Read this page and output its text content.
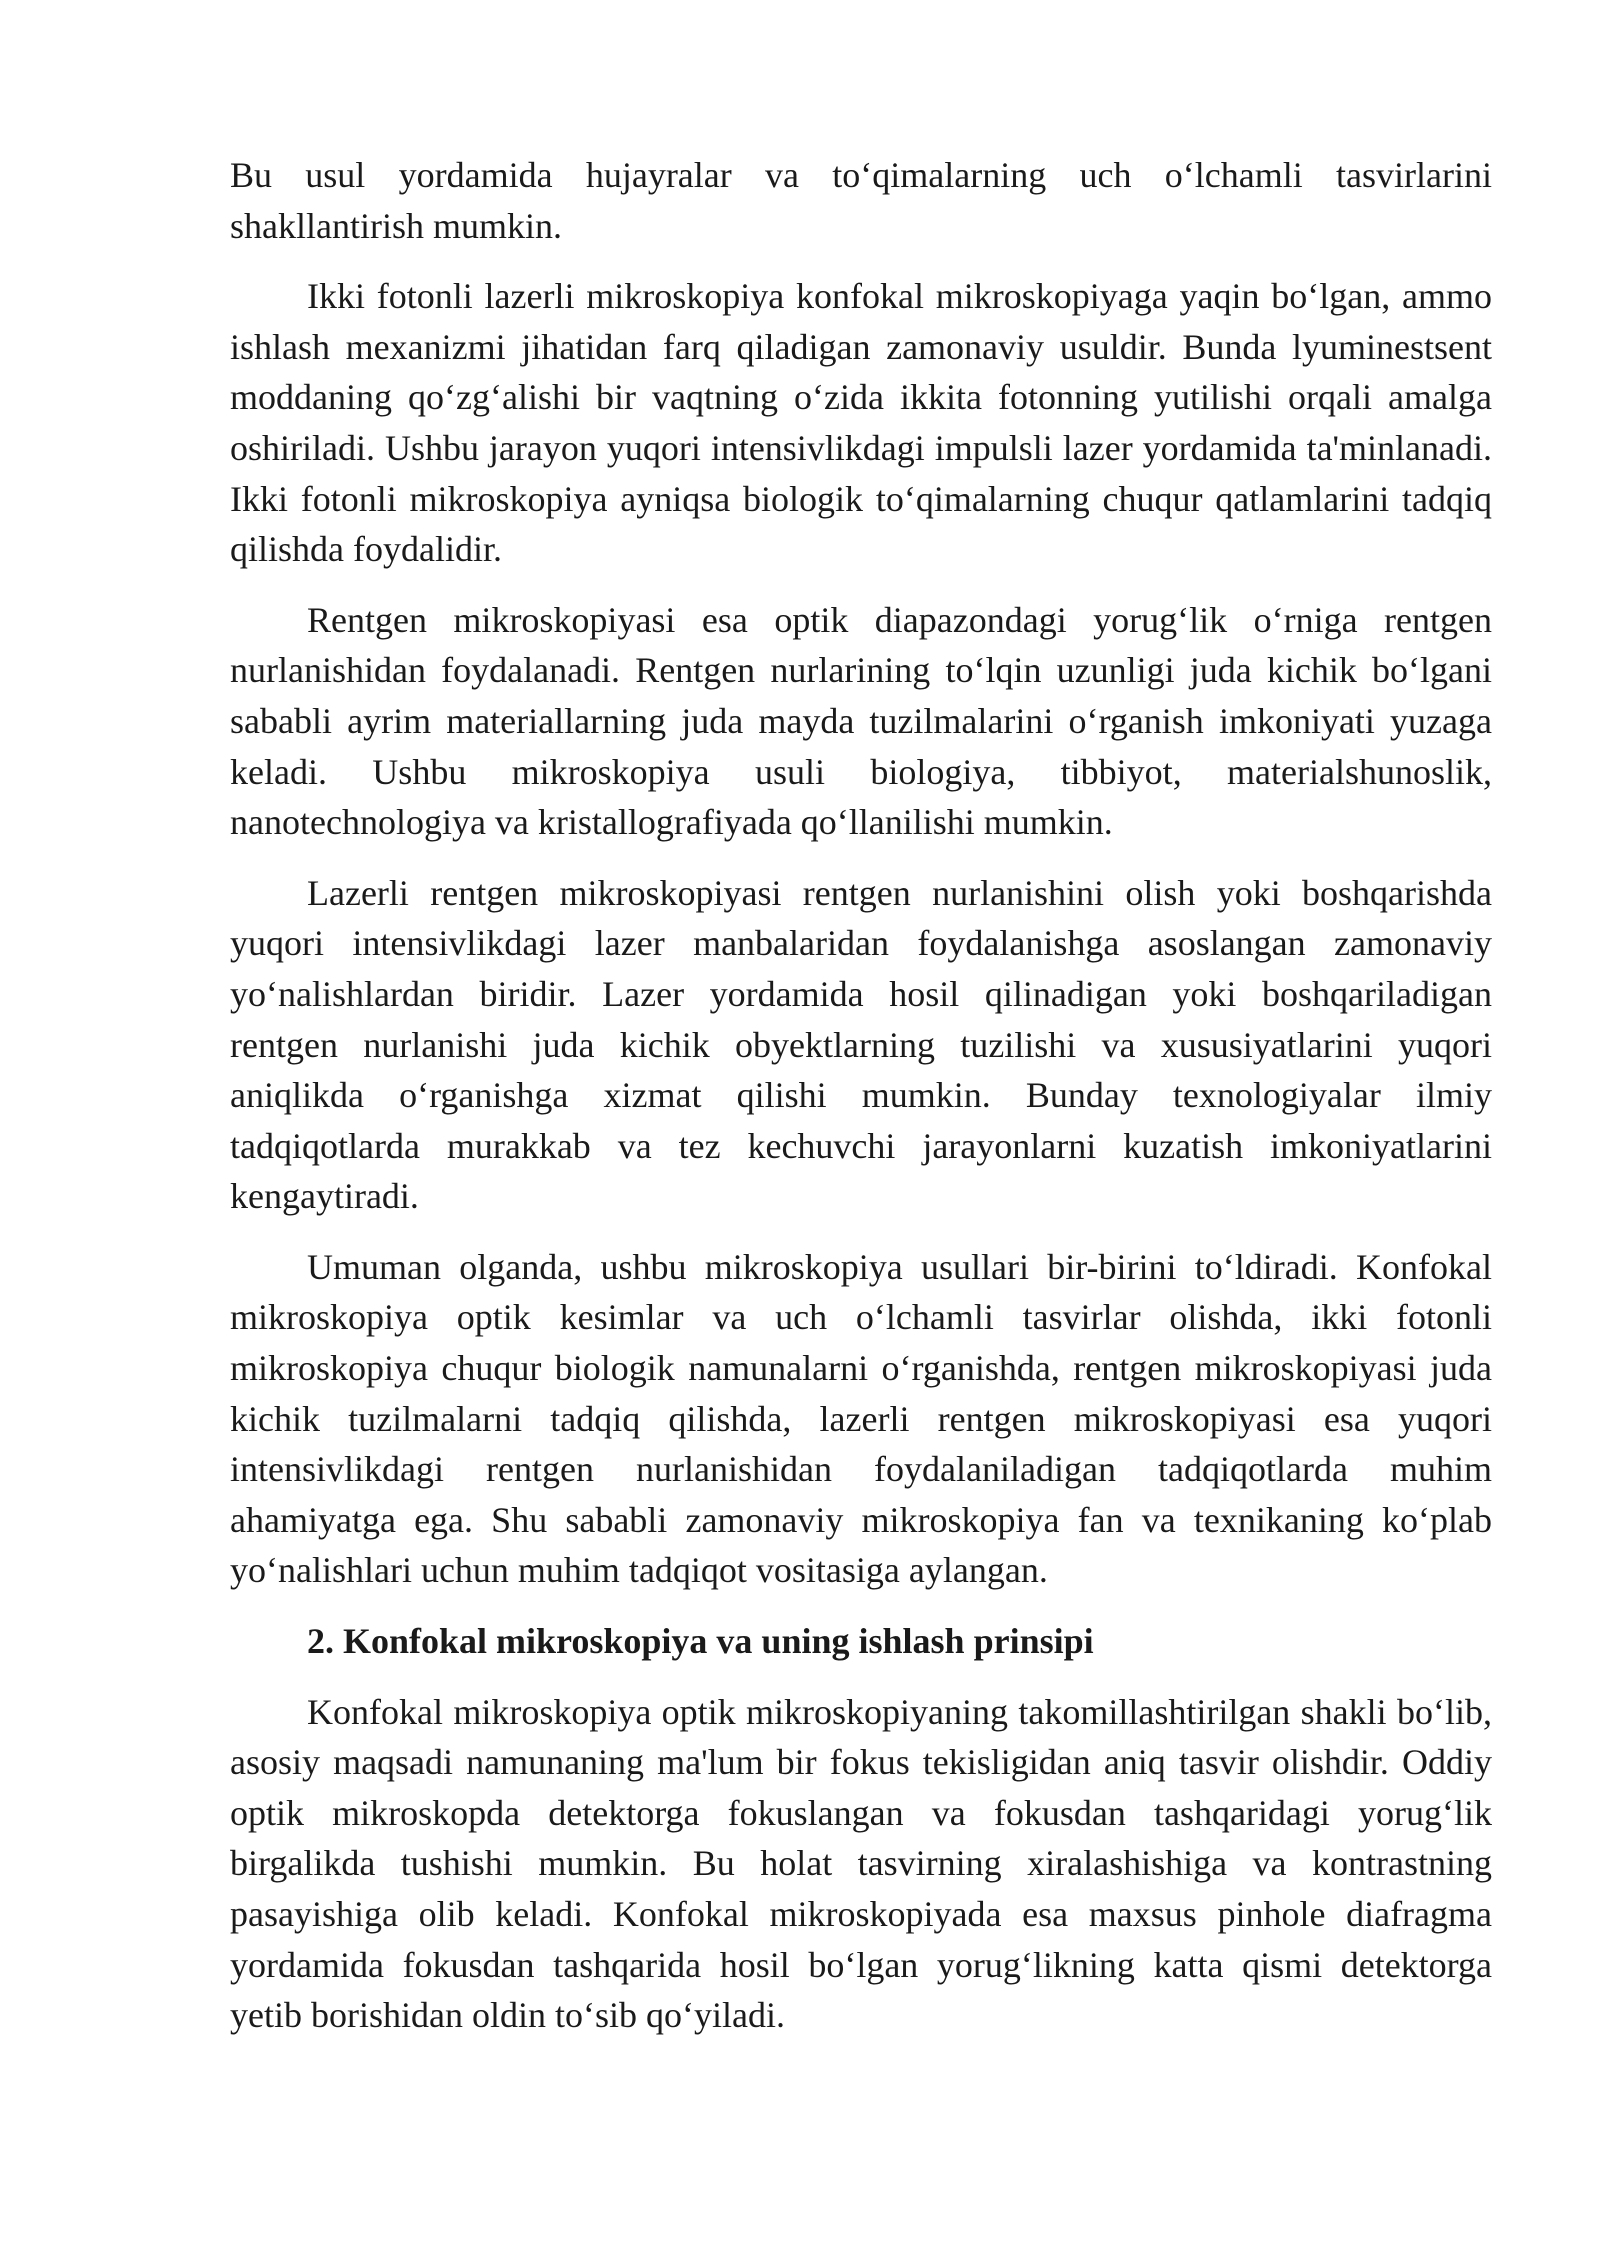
Bu usul yordamida hujayralar va to‘qimalarning uch o‘lchamli tasvirlarini shakllantirish mumkin.

Ikki fotonli lazerli mikroskopiya konfokal mikroskopiyaga yaqin bo‘lgan, ammo ishlash mexanizmi jihatidan farq qiladigan zamonaviy usuldir. Bunda lyuminestsent moddaning qo‘zg‘alishi bir vaqtning o‘zida ikkita fotonning yutilishi orqali amalga oshiriladi. Ushbu jarayon yuqori intensivlikdagi impulsli lazer yordamida ta'minlanadi. Ikki fotonli mikroskopiya ayniqsa biologik to‘qimalarning chuqur qatlamlarini tadqiq qilishda foydalidir.

Rentgen mikroskopiyasi esa optik diapazondagi yorug‘lik o‘rniga rentgen nurlanishidan foydalanadi. Rentgen nurlarining to‘lqin uzunligi juda kichik bo‘lgani sababli ayrim materiallarning juda mayda tuzilmalarini o‘rganish imkoniyati yuzaga keladi. Ushbu mikroskopiya usuli biologiya, tibbiyot, materialshunoslik, nanotechnologiya va kristallografiyada qo‘llanilishi mumkin.

Lazerli rentgen mikroskopiyasi rentgen nurlanishini olish yoki boshqarishda yuqori intensivlikdagi lazer manbalaridan foydalanishga asoslangan zamonaviy yo‘nalishlardan biridir. Lazer yordamida hosil qilinadigan yoki boshqariladigan rentgen nurlanishi juda kichik obyektlarning tuzilishi va xususiyatlarini yuqori aniqlikda o‘rganishga xizmat qilishi mumkin. Bunday texnologiyalar ilmiy tadqiqotlarda murakkab va tez kechuvchi jarayonlarni kuzatish imkoniyatlarini kengaytiradi.

Umuman olganda, ushbu mikroskopiya usullari bir-birini to‘ldiradi. Konfokal mikroskopiya optik kesimlar va uch o‘lchamli tasvirlar olishda, ikki fotonli mikroskopiya chuqur biologik namunalarni o‘rganishda, rentgen mikroskopiyasi juda kichik tuzilmalarni tadqiq qilishda, lazerli rentgen mikroskopiyasi esa yuqori intensivlikdagi rentgen nurlanishidan foydalaniladigan tadqiqotlarda muhim ahamiyatga ega. Shu sababli zamonaviy mikroskopiya fan va texnikaning ko‘plab yo‘nalishlari uchun muhim tadqiqot vositasiga aylangan.

2. Konfokal mikroskopiya va uning ishlash prinsipi

Konfokal mikroskopiya optik mikroskopiyaning takomillashtirilgan shakli bo‘lib, asosiy maqsadi namunaning ma'lum bir fokus tekisligidan aniq tasvir olishdir. Oddiy optik mikroskopda detektorga fokuslangan va fokusdan tashqaridagi yorug‘lik birgalikda tushishi mumkin. Bu holat tasvirning xiralashishiga va kontrastning pasayishiga olib keladi. Konfokal mikroskopiyada esa maxsus pinhole diafragma yordamida fokusdan tashqarida hosil bo‘lgan yorug‘likning katta qismi detektorga yetib borishidan oldin to‘sib qo‘yiladi.
